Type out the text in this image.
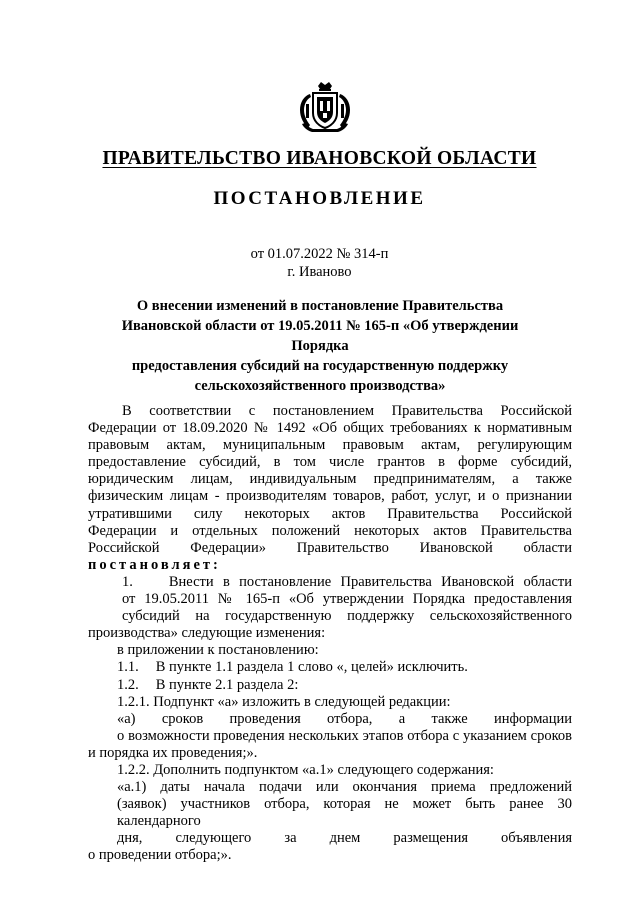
ПРАВИТЕЛЬСТВО ИВАНОВСКОЙ ОБЛАСТИ
ПОСТАНОВЛЕНИЕ
от 01.07.2022 № 314-п
г. Иваново
О внесении изменений в постановление Правительства
Ивановской области от 19.05.2011 № 165-п «Об утверждении Порядка
предоставления субсидий на государственную поддержку
сельскохозяйственного производства»

В соответствии с постановлением Правительства Российской
Федерации от 18.09.2020 № 1492 «Об общих требованиях к нормативным
правовым актам, муниципальным правовым актам, регулирующим
предоставление субсидий, в том числе грантов в форме субсидий,
юридическим лицам, индивидуальным предпринимателям, а также
физическим лицам - производителям товаров, работ, услуг, и о признании
утратившими силу некоторых актов Правительства Российской
Федерации и отдельных положений некоторых актов Правительства
Российской Федерации» Правительство Ивановской области
постановляет:

1. Внести в постановление Правительства Ивановской области
от 19.05.2011 № 165-п «Об утверждении Порядка предоставления
субсидий на государственную поддержку сельскохозяйственного
производства» следующие изменения:

в приложении к постановлению:

1.1. В пункте 1.1 раздела 1 слово «, целей» исключить.

1.2. В пункте 2.1 раздела 2:

1.2.1. Подпункт «а» изложить в следующей редакции:

«а) сроков проведения отбора, а также информации
о возможности проведения нескольких этапов отбора с указанием сроков
и порядка их проведения;».

1.2.2. Дополнить подпунктом «а.1» следующего содержания:

«а.1) даты начала подачи или окончания приема предложений
(заявок) участников отбора, которая не может быть ранее 30 календарного
дня, следующего за днем размещения объявления
о проведении отбора;».
